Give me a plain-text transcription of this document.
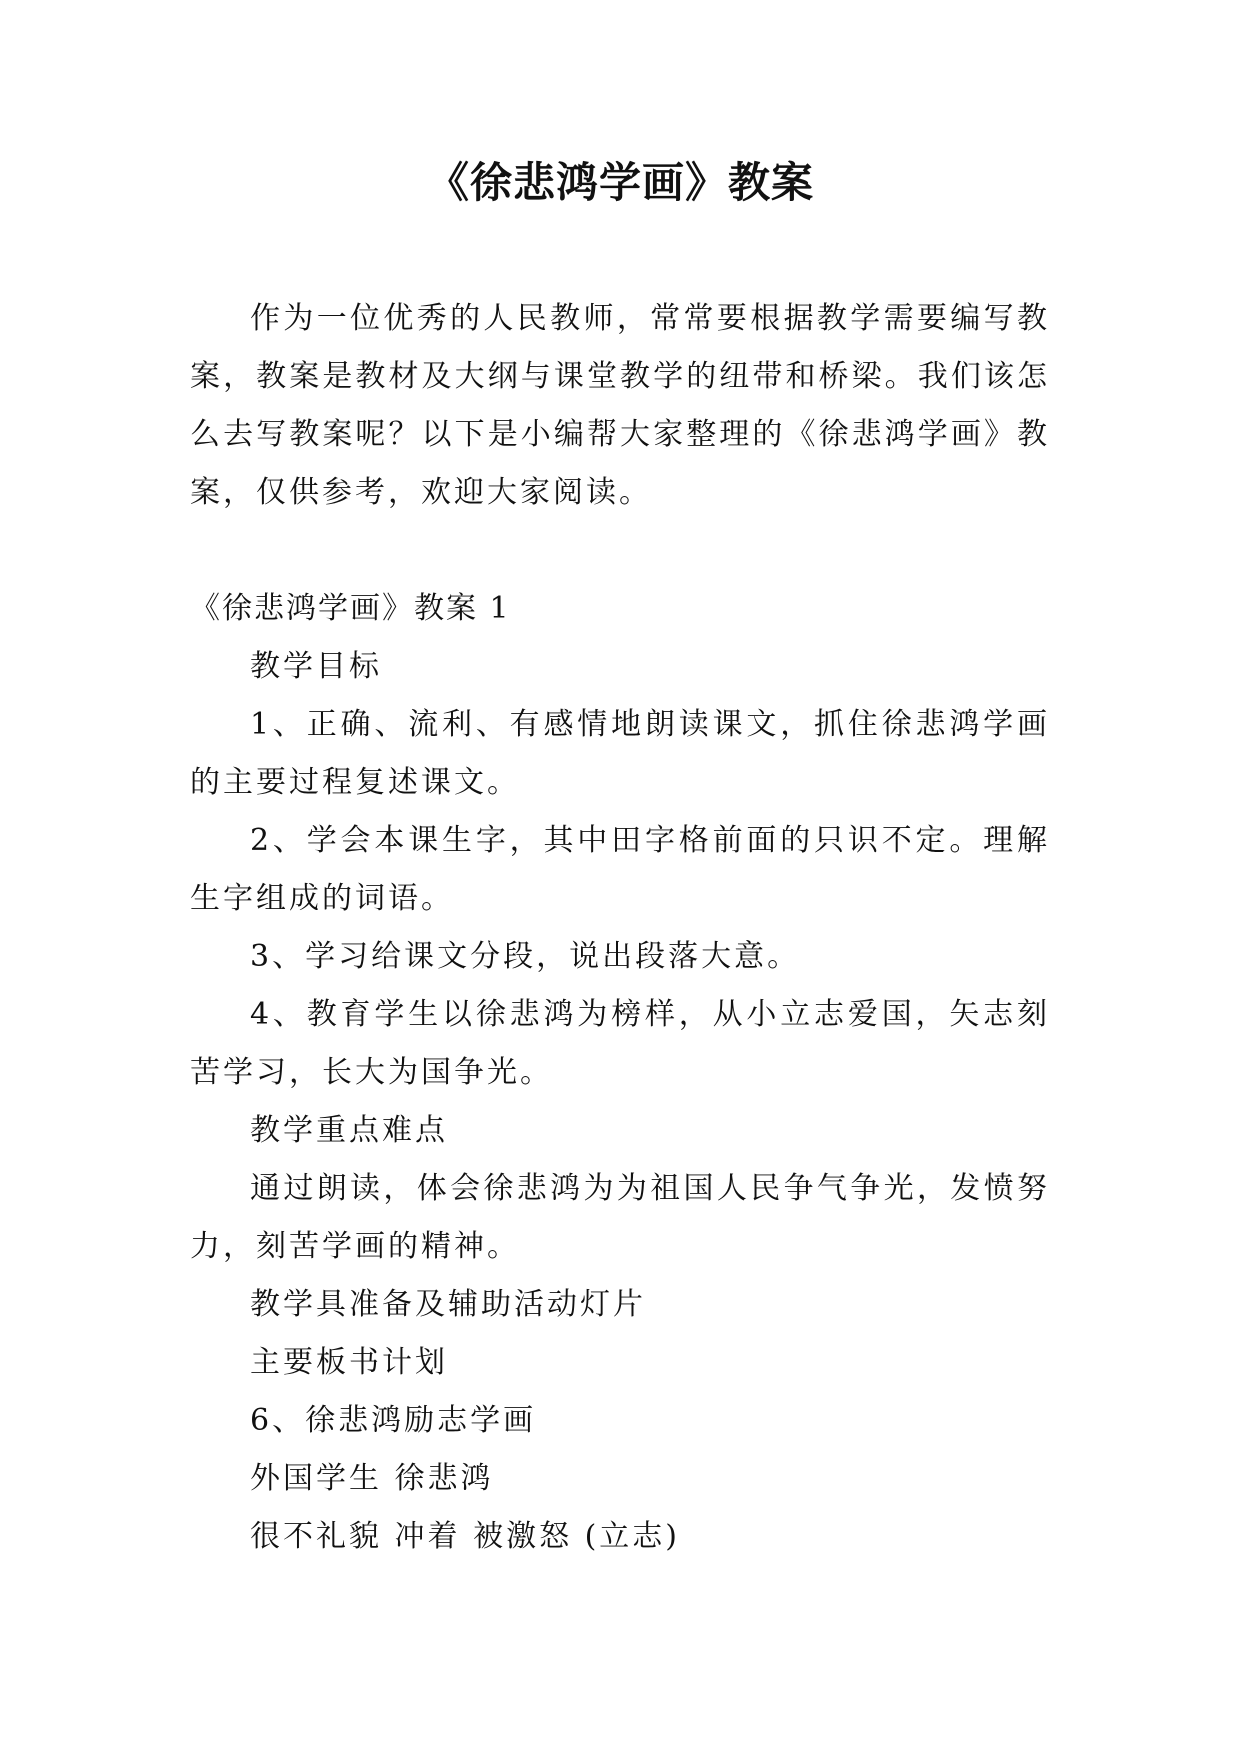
《徐悲鸿学画》教案

作为一位优秀的人民教师，常常要根据教学需要编写教案，教案是教材及大纲与课堂教学的纽带和桥梁。我们该怎么去写教案呢？以下是小编帮大家整理的《徐悲鸿学画》教案，仅供参考，欢迎大家阅读。

《徐悲鸿学画》教案 1

教学目标

1、正确、流利、有感情地朗读课文，抓住徐悲鸿学画的主要过程复述课文。

2、学会本课生字，其中田字格前面的只识不定。理解生字组成的词语。

3、学习给课文分段，说出段落大意。

4、教育学生以徐悲鸿为榜样，从小立志爱国，矢志刻苦学习，长大为国争光。

教学重点难点

通过朗读，体会徐悲鸿为为祖国人民争气争光，发愤努力，刻苦学画的精神。

教学具准备及辅助活动灯片

主要板书计划

6、徐悲鸿励志学画

外国学生 徐悲鸿

很不礼貌 冲着 被激怒 (立志)
